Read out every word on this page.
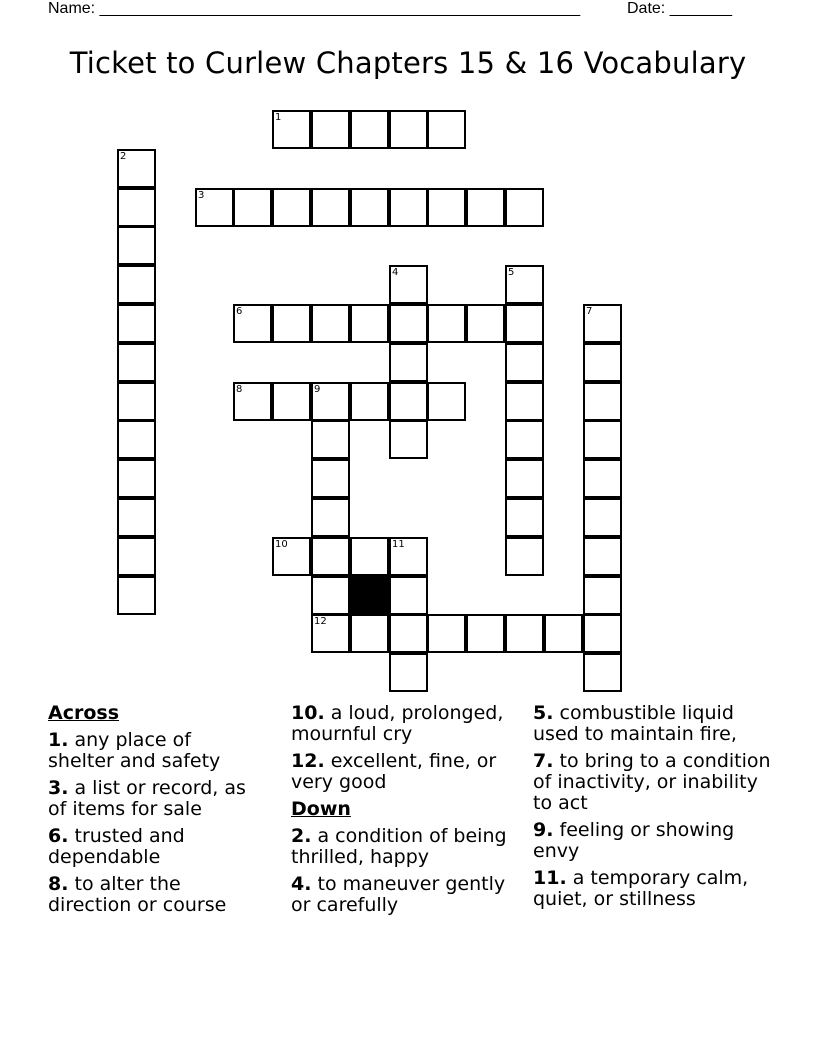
Name: ______________________________________________________	Date: _______
Ticket to Curlew Chapters 15 & 16 Vocabulary
1
2
3
4	5
6	7
8	9
12
10	11
Across
1. any place of shelter and safety
3. a list or record, as of items for sale
6. trusted and dependable
8. to alter the direction or course
10. a loud, prolonged, mournful cry
12. excellent, fine, or very good
Down
2. a condition of being thrilled, happy
4. to maneuver gently or carefully
5. combustible liquid used to maintain fire,
7. to bring to a condition of inactivity, or inability to act
9. feeling or showing envy
11. a temporary calm, quiet, or stillness
